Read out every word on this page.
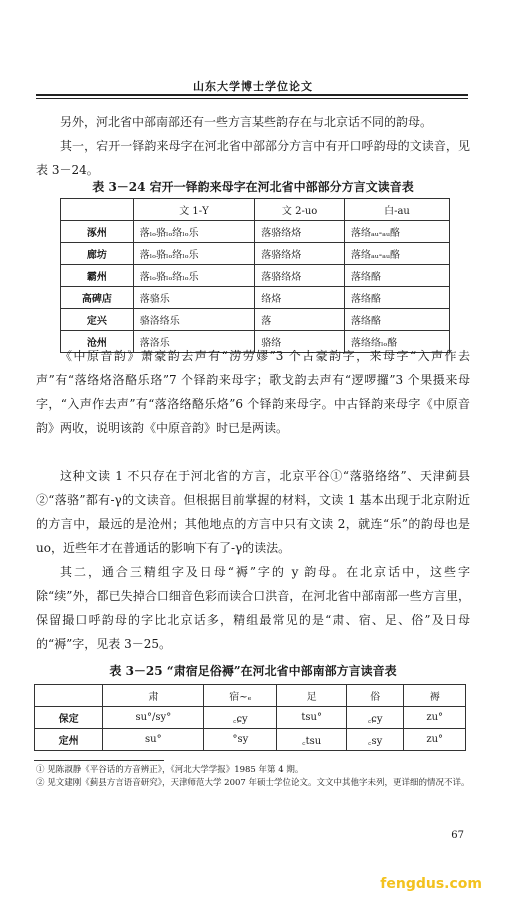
山东大学博士学位论文

另外，河北省中部南部还有一些方言某些韵存在与北京话不同的韵母。

其一，宕开一铎韵来母字在河北省中部部分方言中有开口呼韵母的文读音，见表 3－24。

表 3－24 宕开一铎韵来母字在河北省中部部分方言文读音表
	文 1-Y	文 2-uo	白-au
涿州	落ₗₒ骆ₗₒ络ₗₒ乐	落骆络烙	落络ₐᵤ-ₐᵤ酪
廊坊	落ₗₒ骆ₗₒ络ₗₒ乐	落骆络烙	落络ₐᵤ-ₐᵤ酪
霸州	落ₗₒ骆ₗₒ络ₗₒ乐	落骆络烙	落络酪
高碑店	落骆乐	络烙	落络酪
定兴	骆洛络乐	落	落络酪
沧州	落洛乐	骆络	落络络ₗₒ酪

《中原音韵》萧豪韵去声有“涝劳嫪”3 个古豪韵字，来母字“入声作去声”有“落络烙洛酪乐珞”7 个铎韵来母字；歌戈韵去声有“逻啰攞”3 个果摄来母字，“入声作去声”有“落洛络酪乐烙”6 个铎韵来母字。中古铎韵来母字《中原音韵》两收，说明该韵《中原音韵》时已是两读。

这种文读 1 不只存在于河北省的方言，北京平谷①“落骆络络”、天津蓟县②“落骆”都有-γ的文读音。但根据目前掌握的材料，文读 1 基本出现于北京附近的方言中，最远的是沧州；其他地点的方言中只有文读 2，就连“乐”的韵母也是 uo，近些年才在普通话的影响下有了-γ的读法。

其二，通合三精组字及日母“褥”字的 y 韵母。在北京话中，这些字除“续”外，都已失掉合口细音色彩而读合口洪音，在河北省中部南部一些方言里，保留撮口呼韵母的字比北京话多，精组最常见的是“肃、宿、足、俗”及日母的“褥”字，见表 3－25。

表 3－25 “肃宿足俗褥”在河北省中部南部方言读音表
	肃	宿~ₑ	足	俗	褥
保定	su°/sy°	꜀ɕy	tsu°	꜀ɕy	zu°
定州	su°	°sy	꜀tsu	꜀sy	zu°
① 见陈淑静《平谷话的方音辨正》，《河北大学学报》1985 年第 4 期。
② 见文建刚《蓟县方言语音研究》，天津师范大学 2007 年硕士学位论文。文文中其他字未列，更详细的情况不详。
67
fengdus.com
